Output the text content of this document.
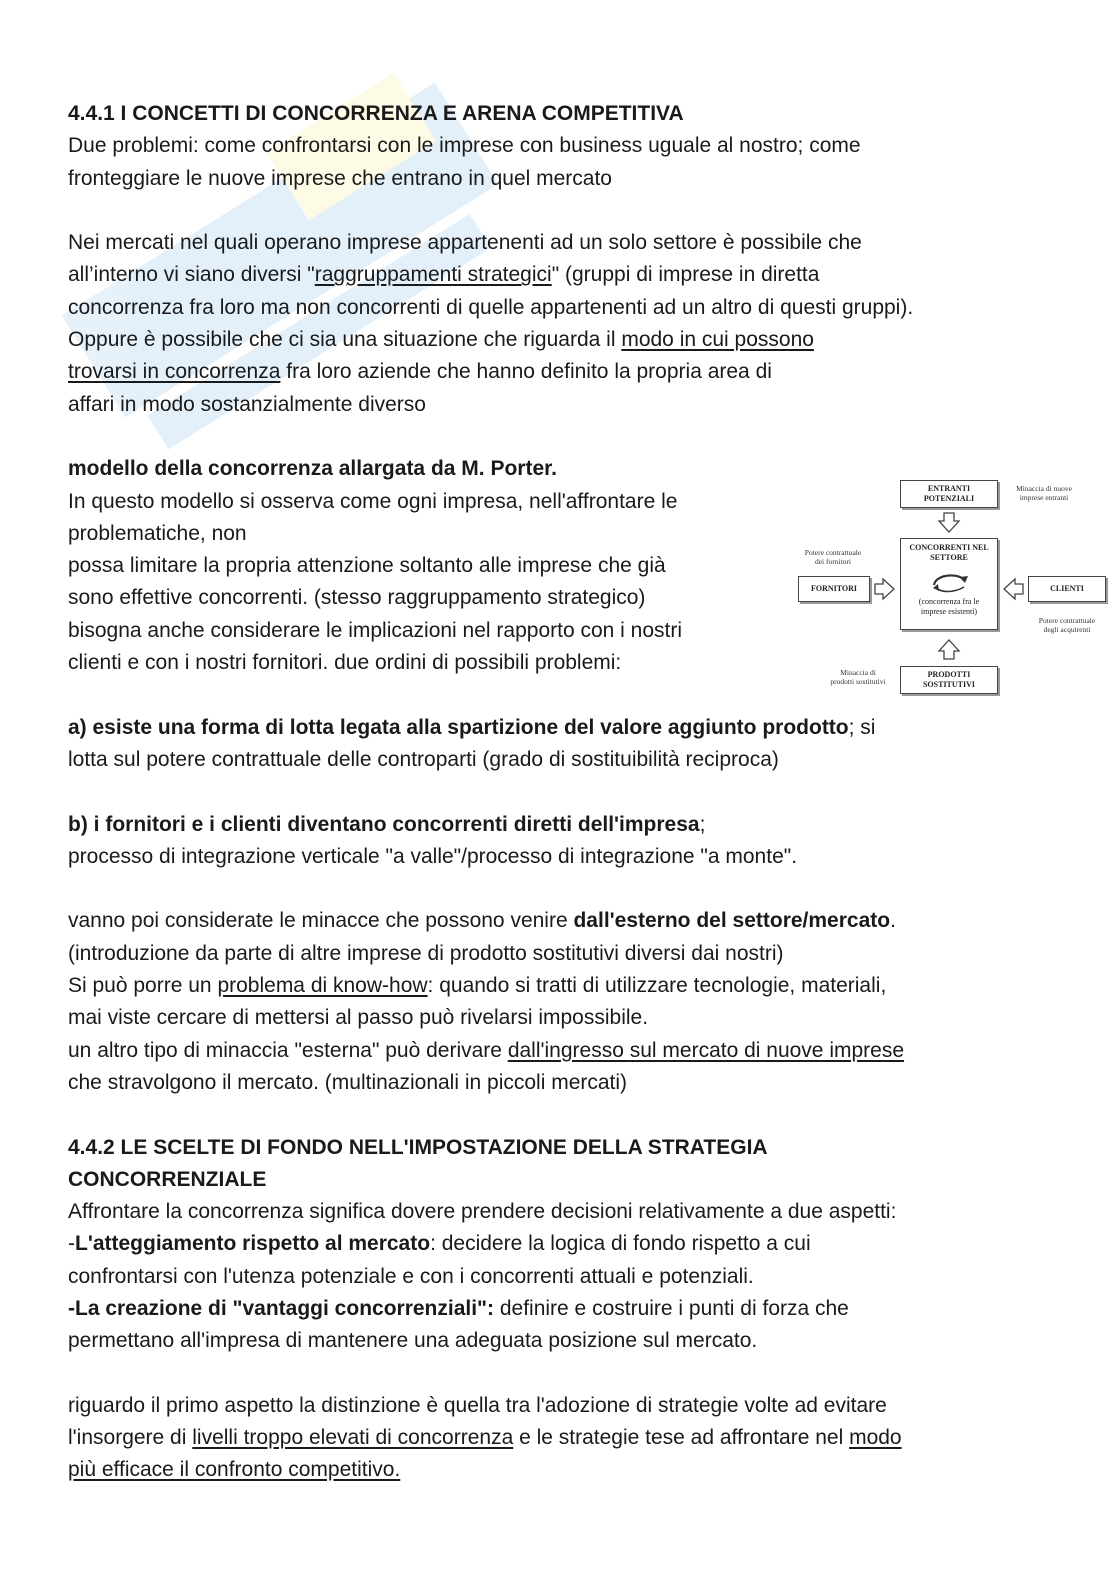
4.4.1 I CONCETTI DI CONCORRENZA E ARENA COMPETITIVA
Due problemi: come confrontarsi con le imprese con business uguale al nostro; come
fronteggiare le nuove imprese che entrano in quel mercato
Nei mercati nel quali operano imprese appartenenti ad un solo settore è possibile che
all’interno vi siano diversi "raggruppamenti strategici" (gruppi di imprese in diretta
concorrenza fra loro ma non concorrenti di quelle appartenenti ad un altro di questi gruppi).
Oppure è possibile che ci sia una situazione che riguarda il modo in cui possono
trovarsi in concorrenza fra loro aziende che hanno definito la propria area di
affari in modo sostanzialmente diverso
modello della concorrenza allargata da M. Porter.
In questo modello si osserva come ogni impresa, nell'affrontare le
problematiche, non
possa limitare la propria attenzione soltanto alle imprese che già
sono effettive concorrenti. (stesso raggruppamento strategico)
bisogna anche considerare le implicazioni nel rapporto con i nostri
clienti e con i nostri fornitori. due ordini di possibili problemi:
a) esiste una forma di lotta legata alla spartizione del valore aggiunto prodotto; si
lotta sul potere contrattuale delle controparti (grado di sostituibilità reciproca)
b) i fornitori e i clienti diventano concorrenti diretti dell'impresa;
processo di integrazione verticale "a valle"/processo di integrazione "a monte".
vanno poi considerate le minacce che possono venire dall'esterno del settore/mercato.
(introduzione da parte di altre imprese di prodotto sostitutivi diversi dai nostri)
Si può porre un problema di know-how: quando si tratti di utilizzare tecnologie, materiali,
mai viste cercare di mettersi al passo può rivelarsi impossibile.
un altro tipo di minaccia "esterna" può derivare dall'ingresso sul mercato di nuove imprese
che stravolgono il mercato. (multinazionali in piccoli mercati)
4.4.2 LE SCELTE DI FONDO NELL'IMPOSTAZIONE DELLA STRATEGIA
CONCORRENZIALE
Affrontare la concorrenza significa dovere prendere decisioni relativamente a due aspetti:
-L'atteggiamento rispetto al mercato: decidere la logica di fondo rispetto a cui
confrontarsi con l'utenza potenziale e con i concorrenti attuali e potenziali.
-La creazione di "vantaggi concorrenziali": definire e costruire i punti di forza che
permettano all'impresa di mantenere una adeguata posizione sul mercato.
riguardo il primo aspetto la distinzione è quella tra l'adozione di strategie volte ad evitare
l'insorgere di livelli troppo elevati di concorrenza e le strategie tese ad affrontare nel modo
più efficace il confronto competitivo.
ENTRANTI
POTENZIALI
Minaccia di nuove
imprese entranti
CONCORRENTI NEL
SETTORE
(concorrenza fra le
imprese esistenti)
Potere contrattuale
dei fornitori
FORNITORI	CLIENTI
Potere contrattuale
degli acquirenti
Minaccia di
prodotti sostitutivi
PRODOTTI
SOSTITUTIVI
